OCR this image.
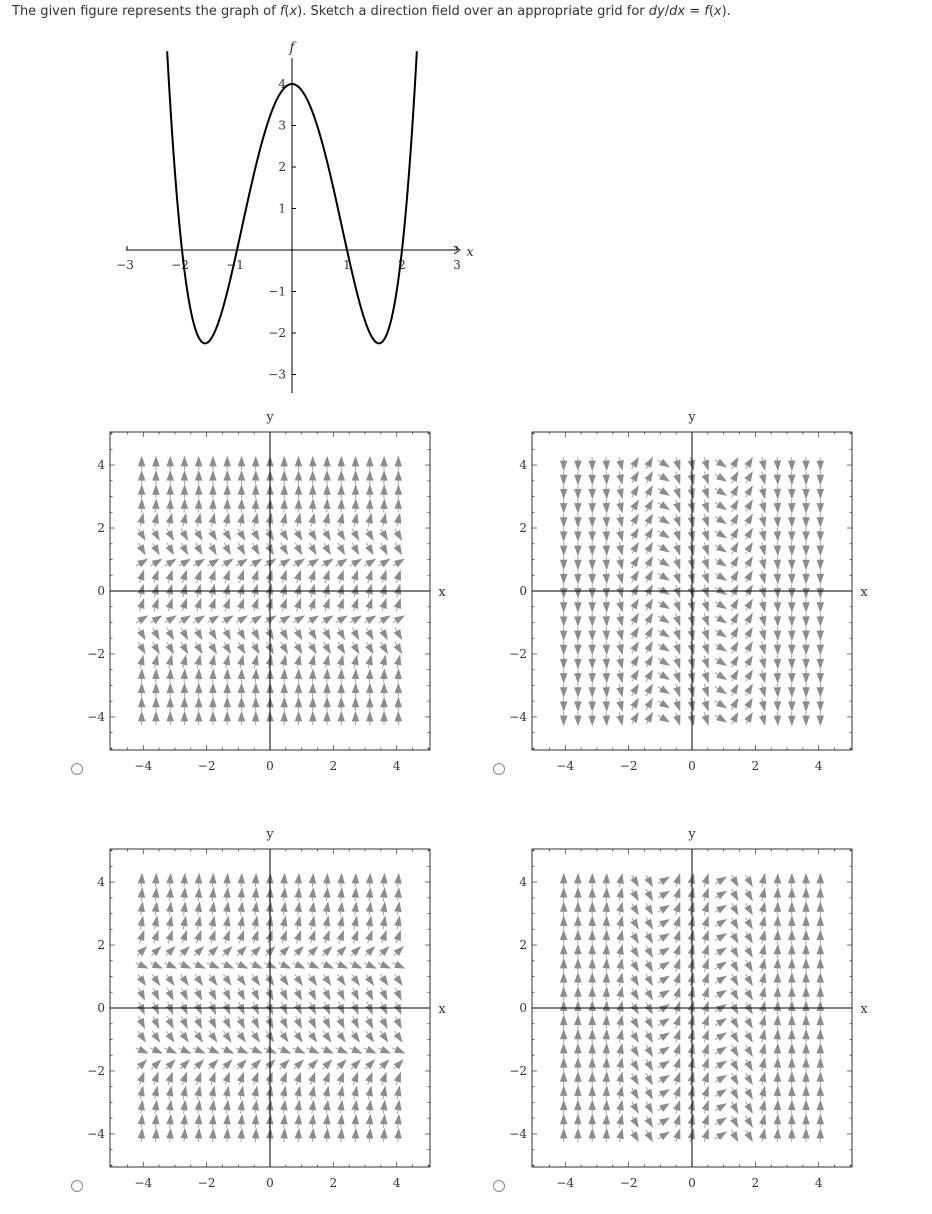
The given figure represents the graph of f(x). Sketch a direction field over an appropriate grid for dy/dx = f(x).
−3	−2	−1	1	2	3
4
3
2
1
−1
−2
−3
f
x
y
x
−4	−2	0	2	4
4
2
0
−2
−4
y
x
−4	−2	0	2	4
4
2
0
−2
−4
y
x
−4	−2	0	2	4
4
2
0
−2
−4
y
x
−4	−2	0	2	4
4
2
0
−2
−4
